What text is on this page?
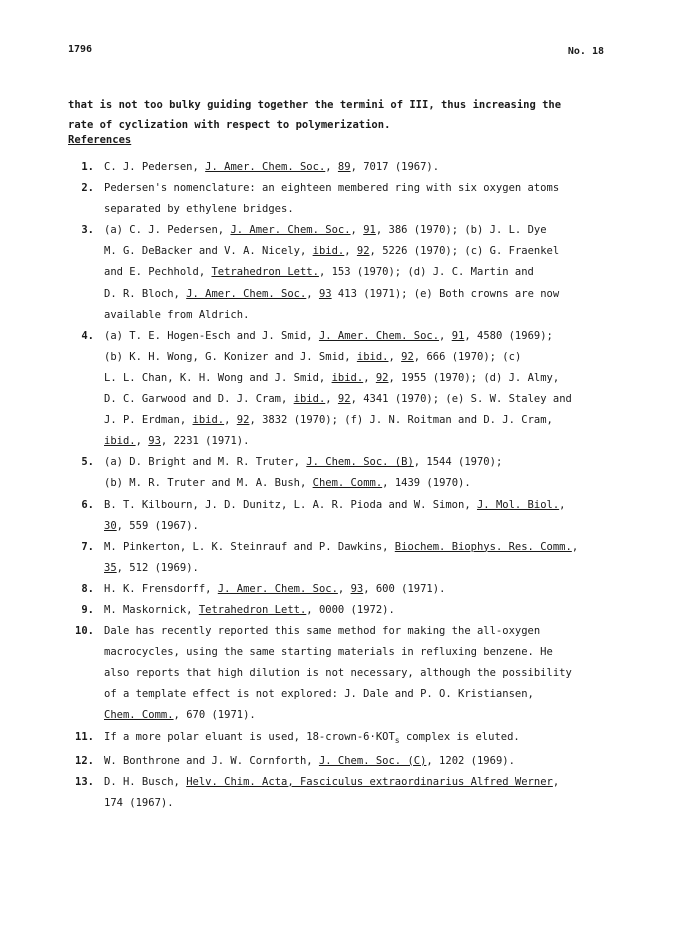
1796	No. 18
that is not too bulky guiding together the termini of III, thus increasing the
rate of cyclization with respect to polymerization.
References
1. C. J. Pedersen, J. Amer. Chem. Soc., 89, 7017 (1967).
2. Pedersen's nomenclature: an eighteen membered ring with six oxygen atoms
separated by ethylene bridges.
3. (a) C. J. Pedersen, J. Amer. Chem. Soc., 91, 386 (1970); (b) J. L. Dye
M. G. DeBacker and V. A. Nicely, ibid., 92, 5226 (1970); (c) G. Fraenkel
and E. Pechhold, Tetrahedron Lett., 153 (1970); (d) J. C. Martin and
D. R. Bloch, J. Amer. Chem. Soc., 93 413 (1971); (e) Both crowns are now
available from Aldrich.
4. (a) T. E. Hogen-Esch and J. Smid, J. Amer. Chem. Soc., 91, 4580 (1969);
(b) K. H. Wong, G. Konizer and J. Smid, ibid., 92, 666 (1970); (c)
L. L. Chan, K. H. Wong and J. Smid, ibid., 92, 1955 (1970); (d) J. Almy,
D. C. Garwood and D. J. Cram, ibid., 92, 4341 (1970); (e) S. W. Staley and
J. P. Erdman, ibid., 92, 3832 (1970); (f) J. N. Roitman and D. J. Cram,
ibid., 93, 2231 (1971).
5. (a) D. Bright and M. R. Truter, J. Chem. Soc. (B), 1544 (1970);
(b) M. R. Truter and M. A. Bush, Chem. Comm., 1439 (1970).
6. B. T. Kilbourn, J. D. Dunitz, L. A. R. Pioda and W. Simon, J. Mol. Biol.,
30, 559 (1967).
7. M. Pinkerton, L. K. Steinrauf and P. Dawkins, Biochem. Biophys. Res. Comm.,
35, 512 (1969).
8. H. K. Frensdorff, J. Amer. Chem. Soc., 93, 600 (1971).
9. M. Maskornick, Tetrahedron Lett., 0000 (1972).
10. Dale has recently reported this same method for making the all-oxygen
macrocycles, using the same starting materials in refluxing benzene. He
also reports that high dilution is not necessary, although the possibility
of a template effect is not explored: J. Dale and P. O. Kristiansen,
Chem. Comm., 670 (1971).
11. If a more polar eluant is used, $18-crown-6\cdot KOT_s$ complex is eluted.
12. W. Bonthrone and J. W. Cornforth, J. Chem. Soc. (C), 1202 (1969).
13. D. H. Busch, Helv. Chim. Acta, Fasciculus extraordinarius Alfred Werner,
174 (1967).
